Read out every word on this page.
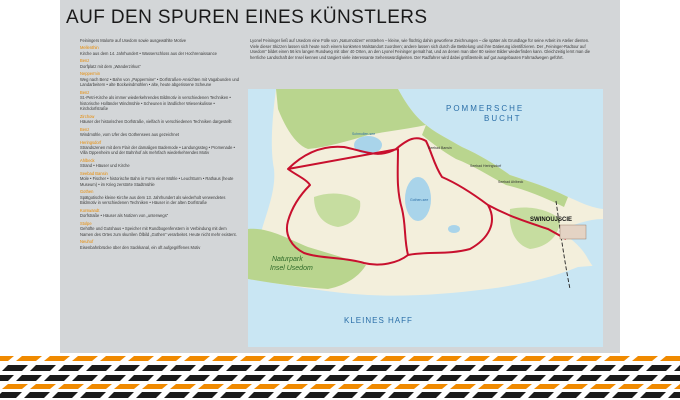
AUF DEN SPUREN EINES KÜNSTLERS
Feiningers Malorte auf Usedom sowie ausgewählte Motive
Mellenthin
Kirche aus dem 14. Jahrhundert • Wasserschloss aus der Hochrenaissance
Benz
Dorfplatz mit dem „Wanderzirkus“
Neppermin
Weg nach Benz • Bahn von „Pappermine“ • Dorfstraßen-Ansichten mit Vagabunden und Landarbeitern • alte Bockwindmühlen • alte, heute abgerissene Scheune
Benz
St.-Petri-Kirche als immer wiederkehrendes Bildmotiv in verschiedenen Techniken • historische Holländer Windmühle • Scheunen in ländlicher Wiesenkulisse • Kirchdorfstraße
Zirchow
Häuser der historischen Dorfstraße, vielfach in verschiedenen Techniken dargestellt
Benz
Windmühle, vom Ufer des Gothensees aus gezeichnet
Heringsdorf
Strandszenen mit dem Flair der damaligen Bademode • Landungssteg • Promenade • Villa Oppenheim und der Bahnhof als mehrfach wiederkehrendes Motiv
Ahlbeck
Strand • Häuser und Kirche
Seebad Bansin
Mole • Fischer • historische Bahn in Form einer Mühle • Leuchtturm • Rathaus (heute Museum) • im Krieg zerstörte Stadtmühle
Gothen
Spätgotische kleine Kirche aus dem 13. Jahrhundert als wiederholt verwendetes Bildmotiv in verschiedenen Techniken • Häuser in der alten Dorfstraße
Korswandt
Dorfstraße • Häuser als Notizen von „unterwegs“
Stolpe
Gehöfte und Gutshaus • Speicher mit Rundbogenfenstern in Verbindung mit dem Namen des Ortes zum skurrilen Ölbild „Gothen“ verarbeitet. Heute nicht mehr existent.
Neuhof
Eisenbahnbrücke über den Sackkanal, ein oft aufgegriffenes Motiv
Lyonel Feininger ließ auf Usedom eine Fülle von „Naturnotizen“ entstehen – kleine, wie flüchtig dahin geworfene Zeichnungen – die später als Grundlage für seine Arbeit im Atelier dienten. Viele dieser Skizzen lassen sich heute noch einem konkreten Malstandort zuordnen; andere lassen sich durch die Betitelung und ihre Datierung identifizieren. Der „Feininger-Radtour auf Usedom“ bildet einen 56 km langen Rundweg mit über 40 Orten, an den Lyonel Feininger gemalt hat, und an denen man über 80 seiner Bilder wiederfinden kann. Gleichzeitig lernt man die herrliche Landschaft der Insel kennen und tangiert viele interessante Sehenswürdigkeiten. Der Radfahrer wird dabei größtenteils auf gut ausgebauten Fahrradwegen geführt.
POMMERSCHE
BUCHT
KLEINES HAFF
Naturpark
Insel Usedom
SWINOUJSCIE
Schmollen-see
Gothen-see
Seebad Heringsdorf
Seebad Ahlbeck
Seebad Bansin
